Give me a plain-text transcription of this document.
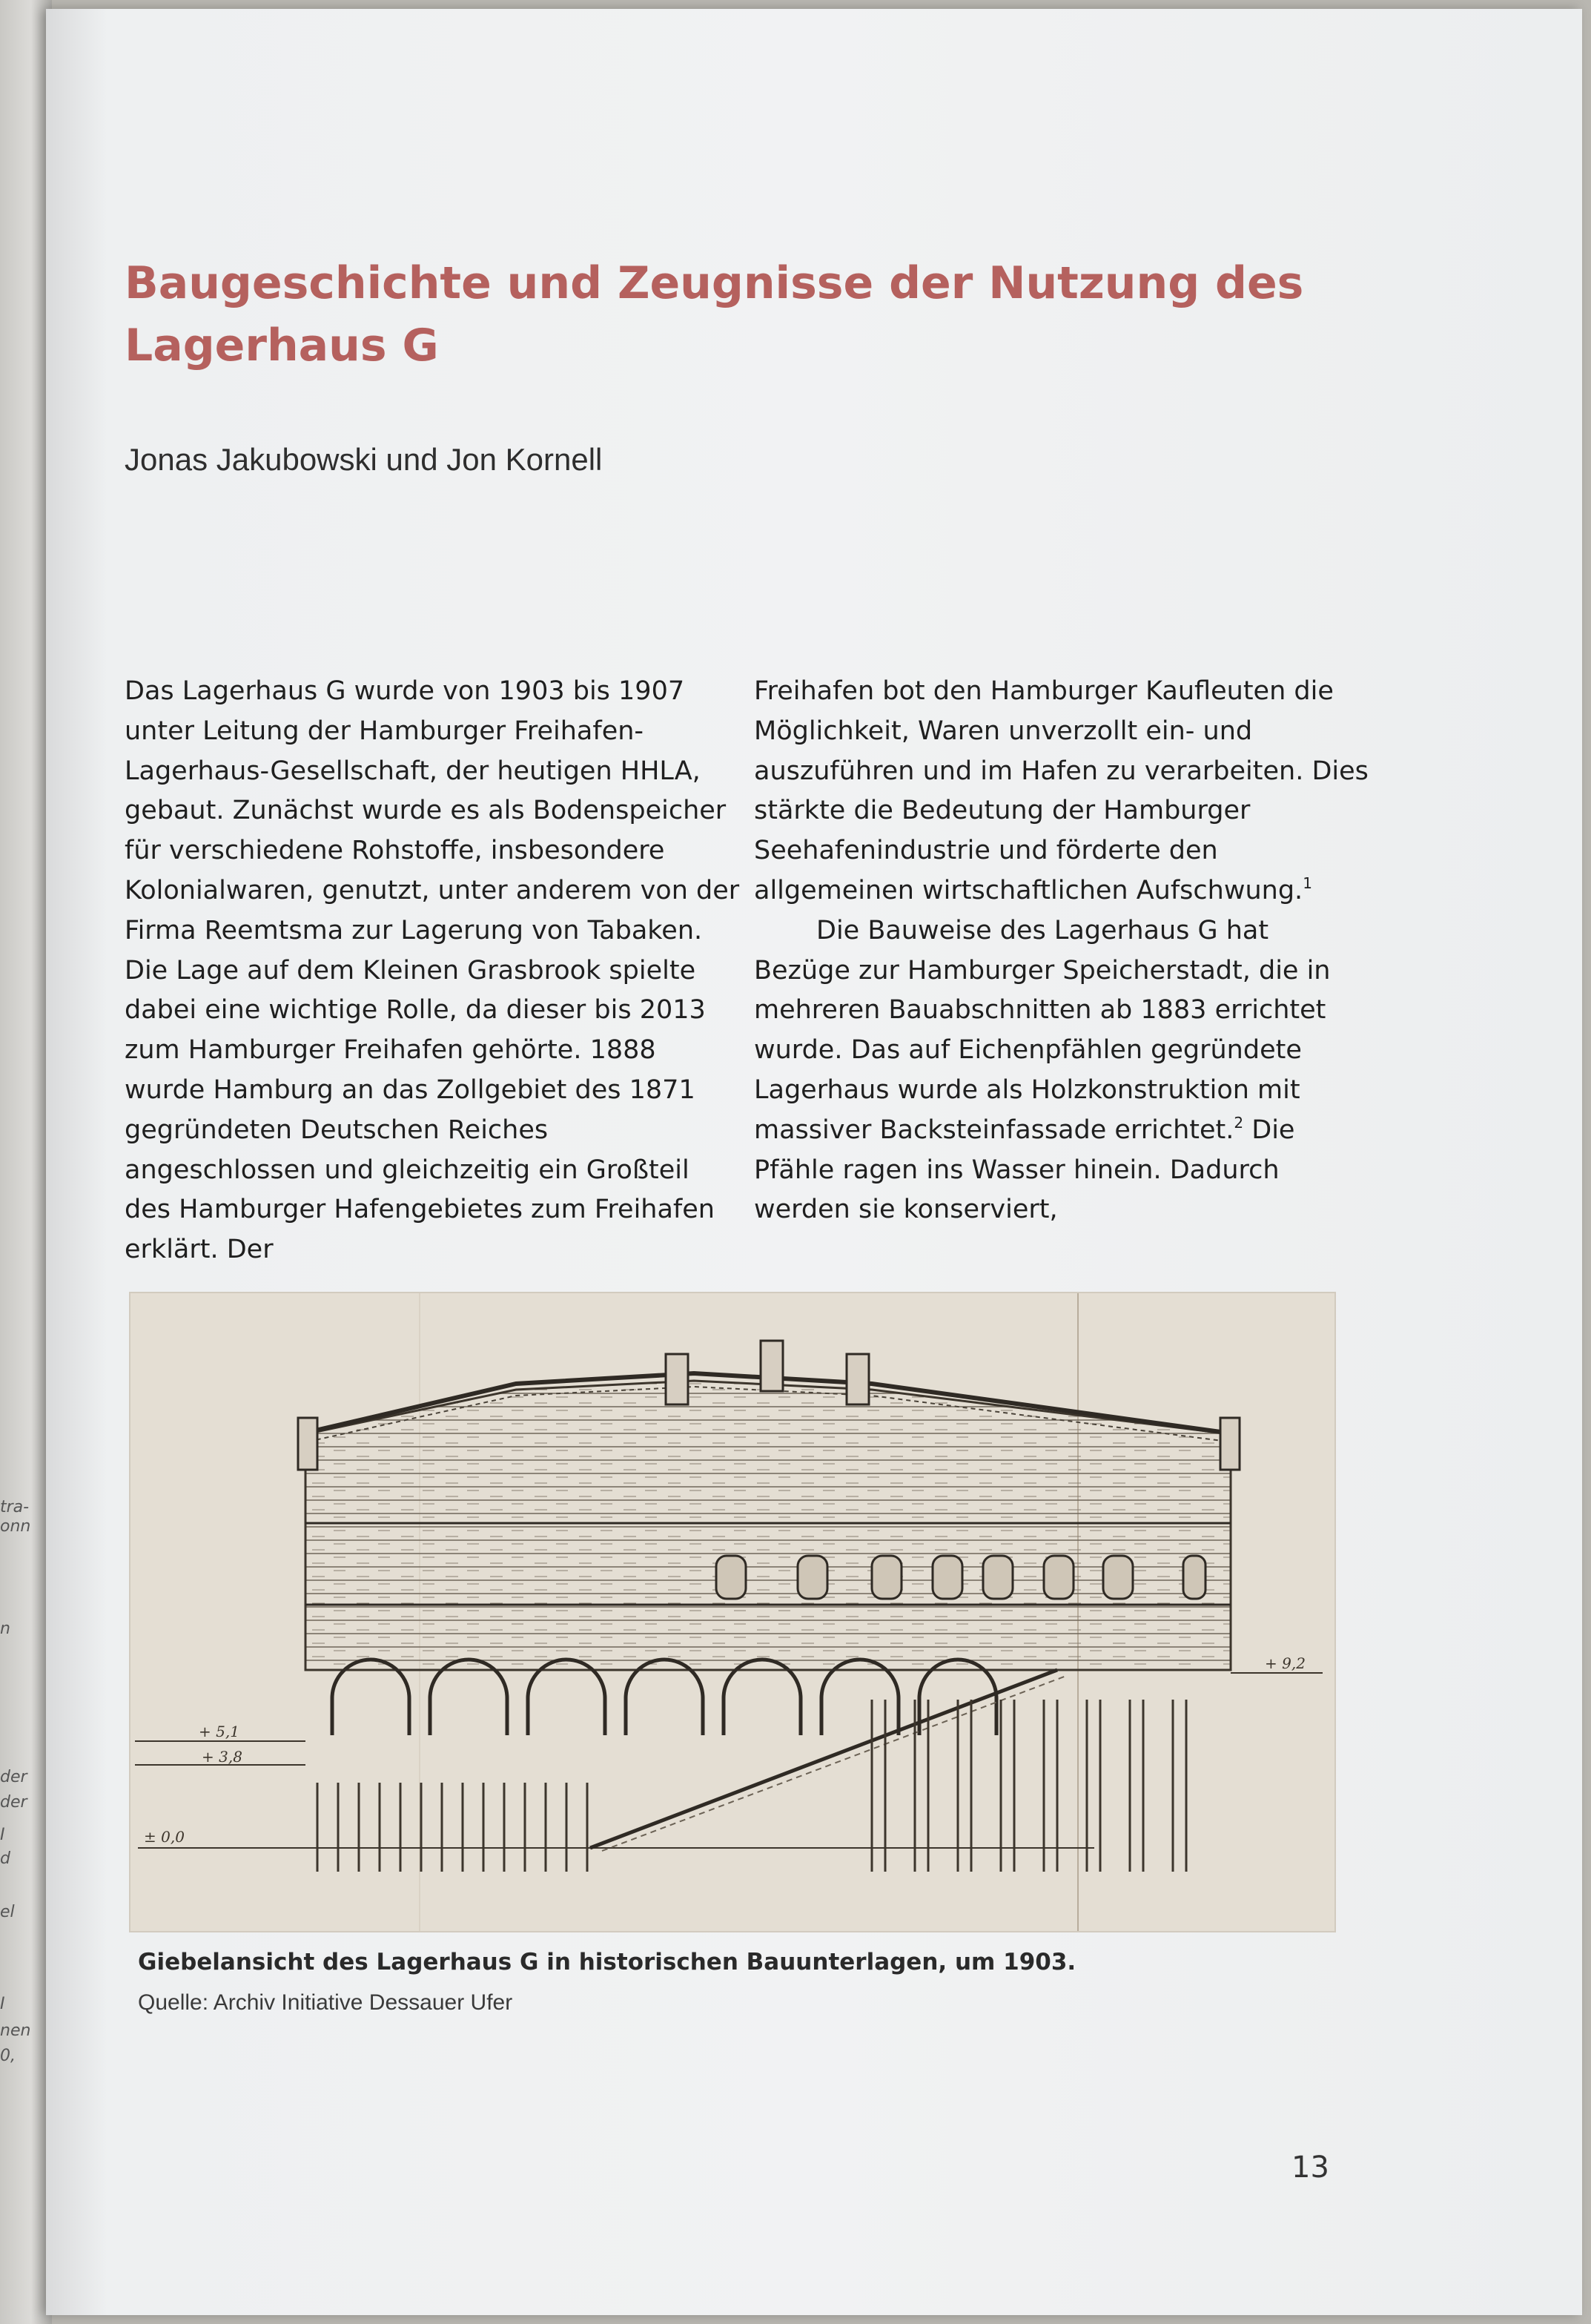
tra-
onn
n
der
der
I
d
el
I
nen
0,
Baugeschichte und Zeugnisse der Nutzung des Lagerhaus G
Jonas Jakubowski und Jon Kornell

Das Lagerhaus G wurde von 1903 bis 1907 unter Leitung der Hamburger Freihafen-Lagerhaus-Gesellschaft, der heutigen HHLA, gebaut. Zunächst wurde es als Bodenspeicher für verschiedene Rohstoffe, insbesondere Kolonialwaren, genutzt, unter anderem von der Firma Reemtsma zur Lagerung von Tabaken. Die Lage auf dem Kleinen Grasbrook spielte dabei eine wichtige Rolle, da dieser bis 2013 zum Hamburger Freihafen gehörte. 1888 wurde Hamburg an das Zollgebiet des 1871 gegründeten Deutschen Reiches angeschlossen und gleichzeitig ein Großteil des Hamburger Hafengebietes zum Freihafen erklärt. Der

Freihafen bot den Hamburger Kaufleuten die Möglichkeit, Waren unverzollt ein- und auszuführen und im Hafen zu verarbeiten. Dies stärkte die Bedeutung der Hamburger Seehafenindustrie und förderte den allgemeinen wirtschaftlichen Aufschwung.$^1$

Die Bauweise des Lagerhaus G hat Bezüge zur Hamburger Speicherstadt, die in mehreren Bauabschnitten ab 1883 errichtet wurde. Das auf Eichenpfählen gegründete Lagerhaus wurde als Holzkonstruktion mit massiver Backsteinfassade errichtet.$^2$ Die Pfähle ragen ins Wasser hinein. Dadurch werden sie konserviert,

+ 5,1
+ 3,8
± 0,0
+ 9,2
Giebelansicht des Lagerhaus G in historischen Bauunterlagen, um 1903.
Quelle: Archiv Initiative Dessauer Ufer
13
